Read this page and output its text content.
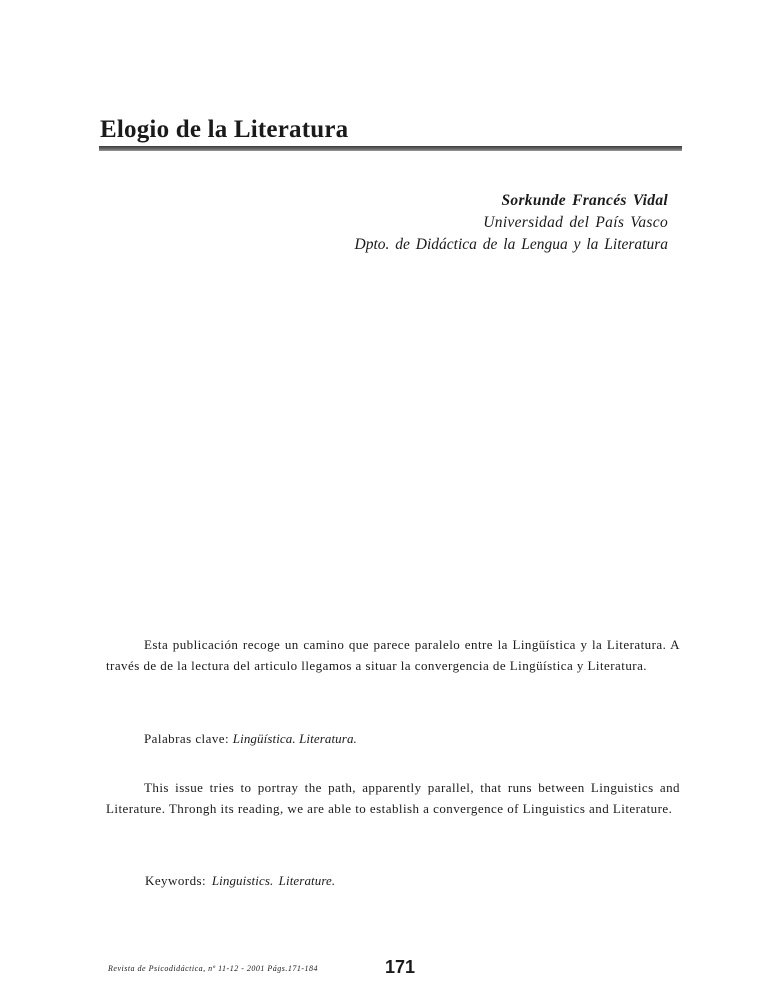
Elogio de la Literatura
Sorkunde Francés Vidal
Universidad del País Vasco
Dpto. de Didáctica de la Lengua y la Literatura

Esta publicación recoge un camino que parece paralelo entre la Lingüística y la Literatura. A través de de la lectura del articulo llegamos a situar la convergencia de Lingüística y Literatura.

Palabras clave: Lingüística. Literatura.

This issue tries to portray the path, apparently parallel, that runs between Linguistics and Literature. Throngh its reading, we are able to establish a convergence of Linguistics and Literature.

Keywords: Linguistics. Literature.

Revista de Psicodidáctica, nº 11-12 - 2001 Págs.171-184	171
